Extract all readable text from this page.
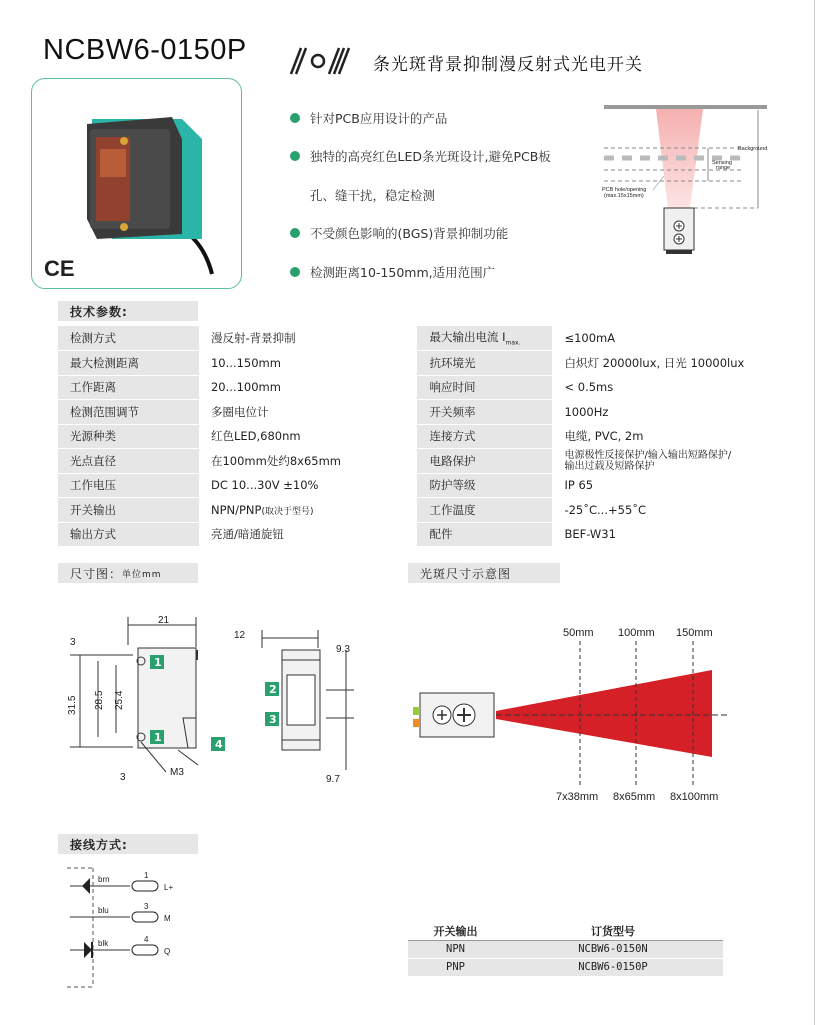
NCBW6-0150P	条光斑背景抑制漫反射式光电开关
CE
针对PCB应用设计的产品
独特的高亮红色LED条光斑设计,避免PCB板
孔、缝干扰，稳定检测
不受颜色影响的(BGS)背景抑制功能
检测距离10-150mm,适用范围广
Background
Sensing
range
PCB hole/opening
(max.15x15mm)
技术参数:
检测方式	漫反射-背景抑制	最大输出电流 $I_{max.}$	≤100mA
最大检测距离	10...150mm	抗环境光	白炽灯 20000lux, 日光 10000lux
工作距离	20...100mm	响应时间	< 0.5ms
检测范围调节	多圈电位计	开关频率	1000Hz
光源种类	红色LED,680nm	连接方式	电缆, PVC, 2m
光点直径	在100mm处约8x65mm	电路保护	电源极性反接保护/输入输出短路保护/
输出过载及短路保护

工作电压	DC 10...30V ±10%	防护等级	IP 65
开关输出	NPN/PNP(取决于型号)	工作温度	-25˚C...+55˚C
输出方式	亮通/暗通旋钮	配件	BEF-W31
尺寸图： 单位mm
21
3
31.5 28.5 25.4
3	M3
1
1
4
12
9.3
9.7
2
3
光斑尺寸示意图
50mm 100mm 150mm
7x38mm 8x65mm 8x100mm
接线方式:
brn
blu
blk
1
3
4
L+
M
Q
开关输出	订货型号
NPN	NCBW6-0150N
PNP	NCBW6-0150P
